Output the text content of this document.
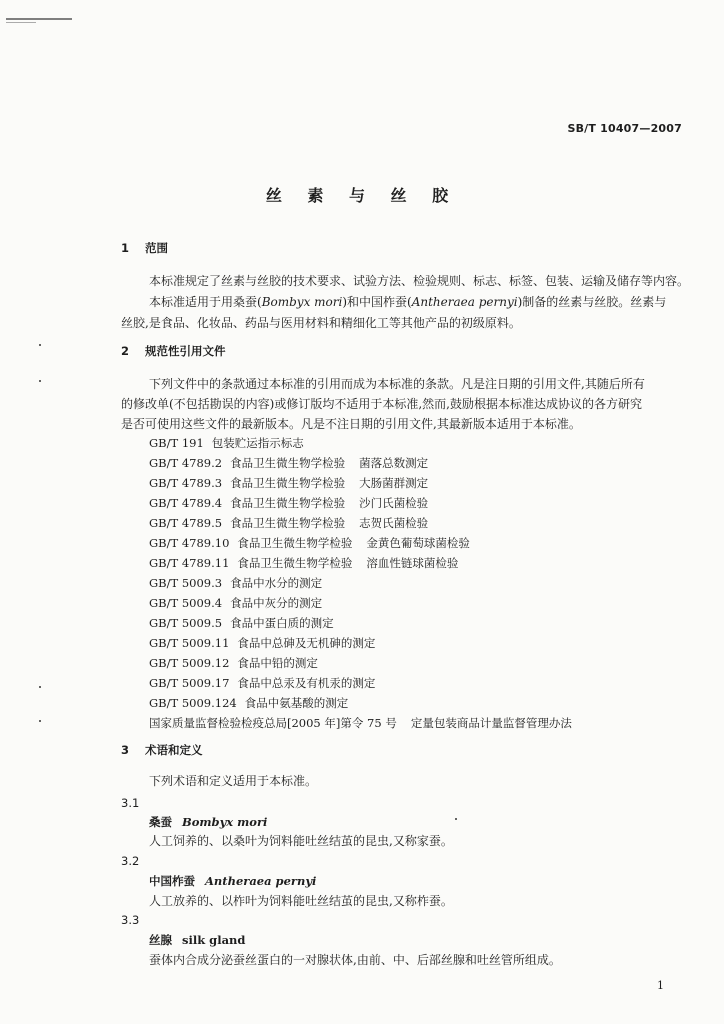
SB/T 10407—2007
丝 素 与 丝 胶
1 范围
本标准规定了丝素与丝胶的技术要求、试验方法、检验规则、标志、标签、包装、运输及储存等内容。
本标准适用于用桑蚕(Bombyx mori)和中国柞蚕(Antheraea pernyi)制备的丝素与丝胶。丝素与
丝胶,是食品、化妆品、药品与医用材料和精细化工等其他产品的初级原料。
2 规范性引用文件
下列文件中的条款通过本标准的引用而成为本标准的条款。凡是注日期的引用文件,其随后所有
的修改单(不包括勘误的内容)或修订版均不适用于本标准,然而,鼓励根据本标准达成协议的各方研究
是否可使用这些文件的最新版本。凡是不注日期的引用文件,其最新版本适用于本标准。
GB/T 191 包装贮运指示标志
GB/T 4789.2 食品卫生微生物学检验 菌落总数测定
GB/T 4789.3 食品卫生微生物学检验 大肠菌群测定
GB/T 4789.4 食品卫生微生物学检验 沙门氏菌检验
GB/T 4789.5 食品卫生微生物学检验 志贺氏菌检验
GB/T 4789.10 食品卫生微生物学检验 金黄色葡萄球菌检验
GB/T 4789.11 食品卫生微生物学检验 溶血性链球菌检验
GB/T 5009.3 食品中水分的测定
GB/T 5009.4 食品中灰分的测定
GB/T 5009.5 食品中蛋白质的测定
GB/T 5009.11 食品中总砷及无机砷的测定
GB/T 5009.12 食品中铅的测定
GB/T 5009.17 食品中总汞及有机汞的测定
GB/T 5009.124 食品中氨基酸的测定
国家质量监督检验检疫总局[2005 年]第令 75 号 定量包装商品计量监督管理办法
3 术语和定义
下列术语和定义适用于本标准。
3.1
桑蚕 Bombyx mori
人工饲养的、以桑叶为饲料能吐丝结茧的昆虫,又称家蚕。
3.2
中国柞蚕 Antheraea pernyi
人工放养的、以柞叶为饲料能吐丝结茧的昆虫,又称柞蚕。
3.3
丝腺 silk gland
蚕体内合成分泌蚕丝蛋白的一对腺状体,由前、中、后部丝腺和吐丝管所组成。
1
